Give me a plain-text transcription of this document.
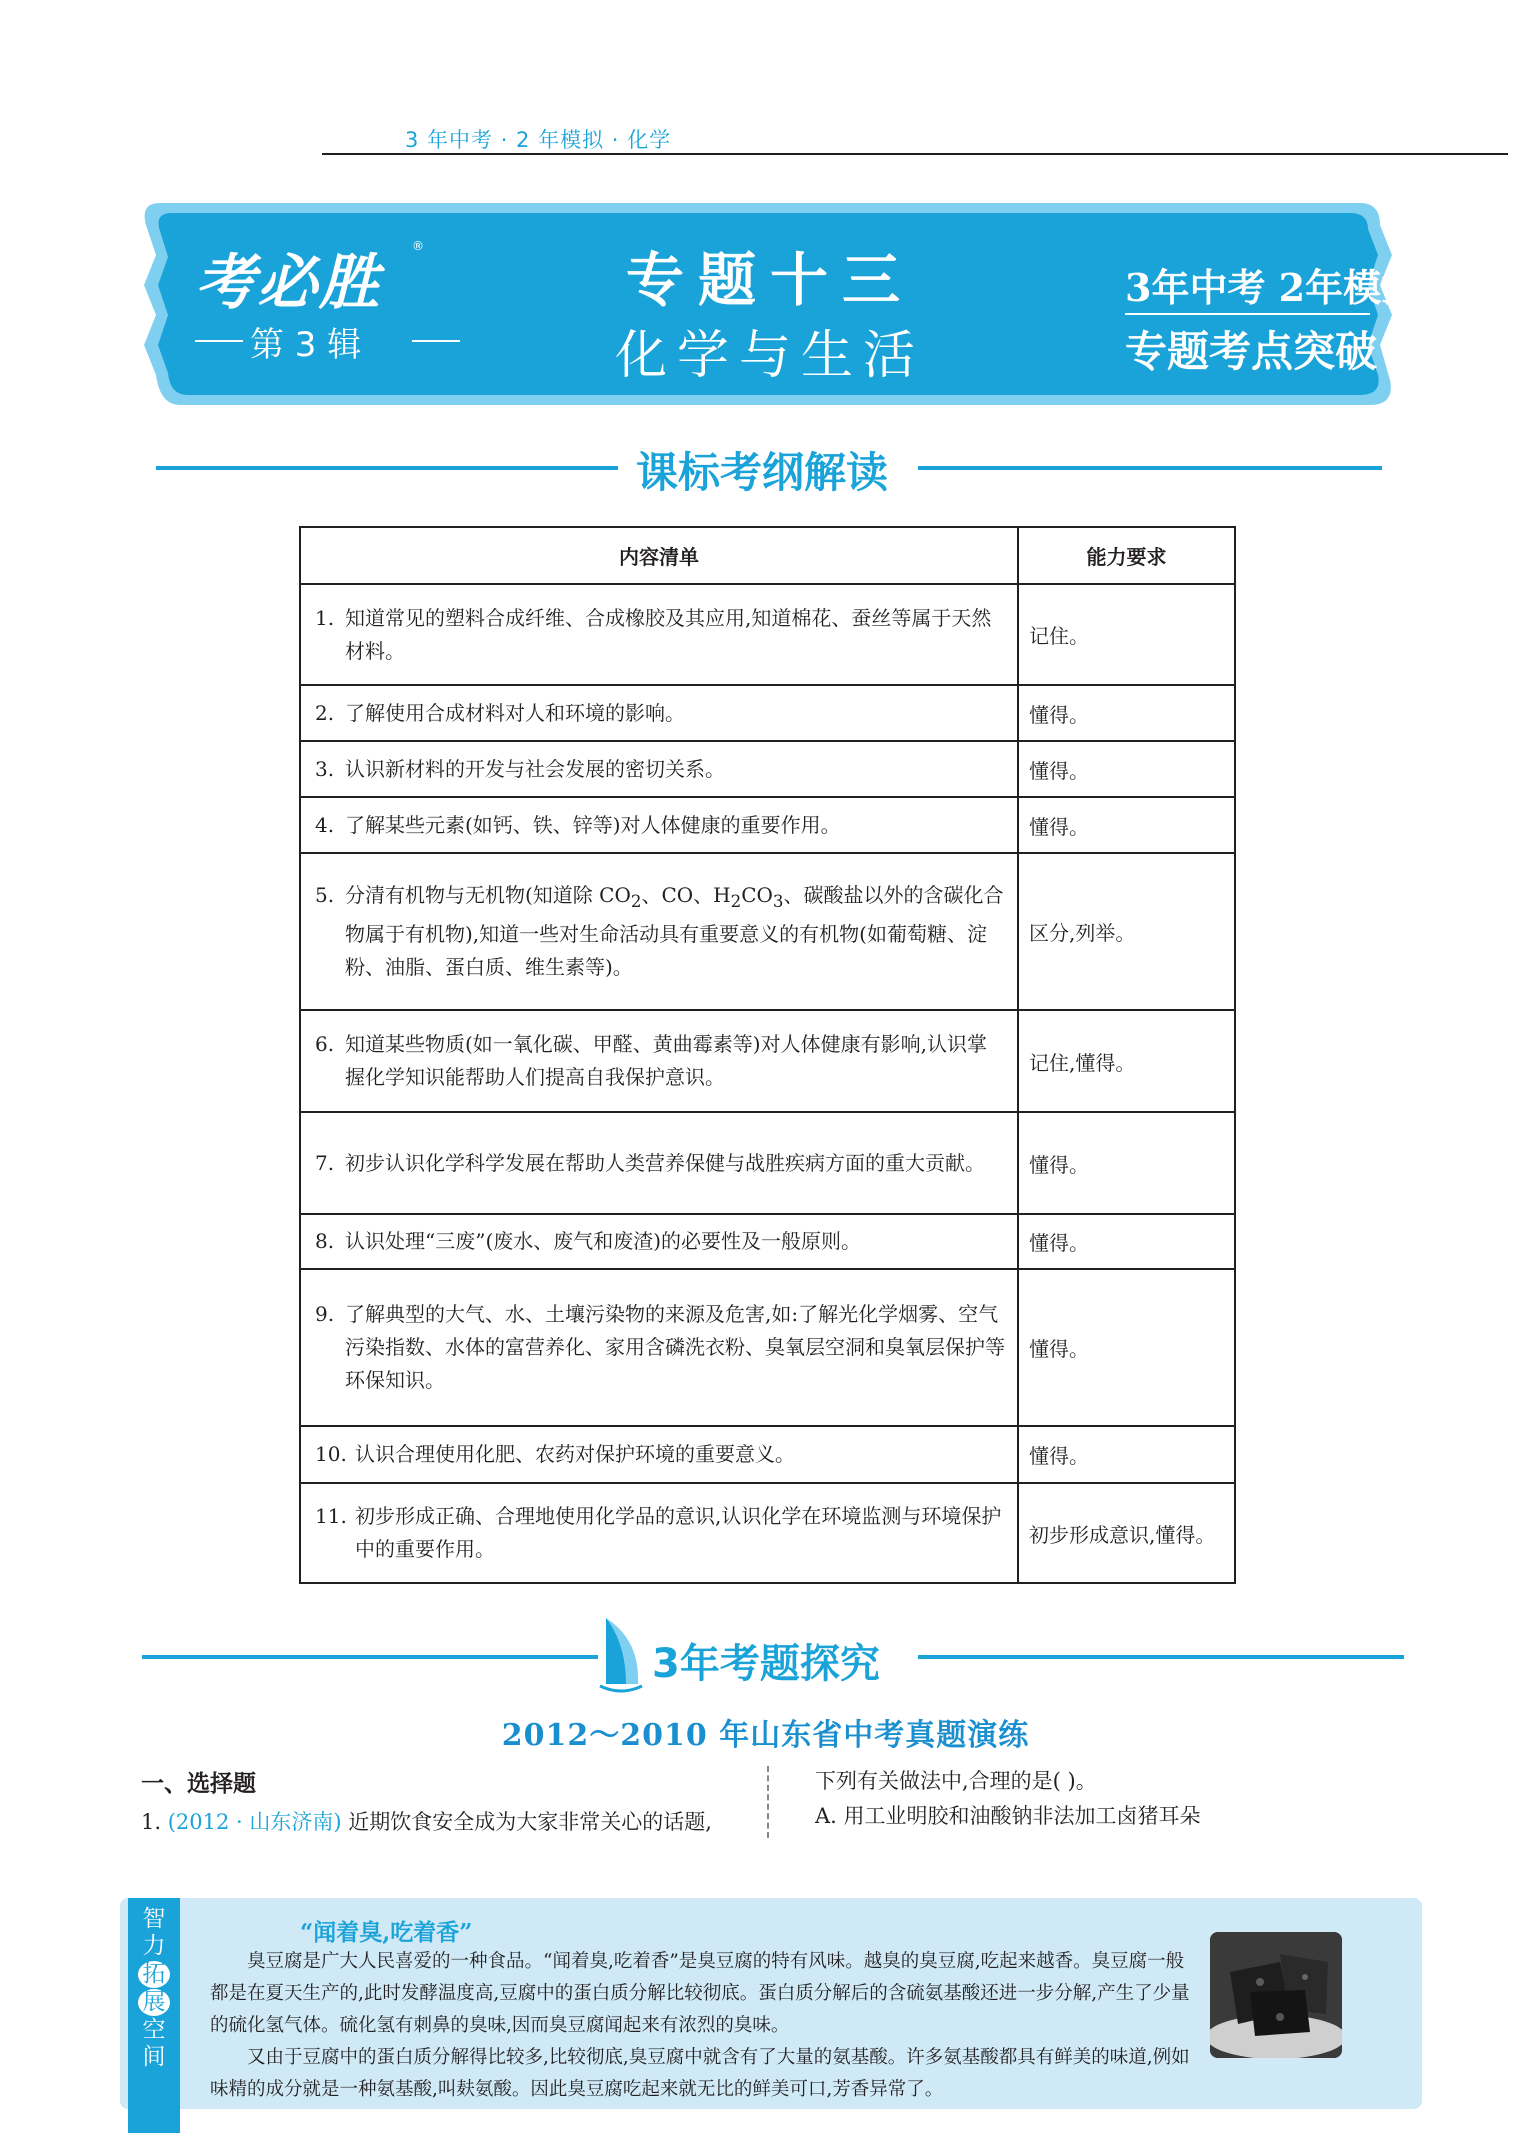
3 年中考 · 2 年模拟 · 化学
考必胜
®
第 3 辑
专题十三
化学与生活
3年中考 2年模拟
专题考点突破
课标考纲解读
内容清单	能力要求

1. 知道常见的塑料合成纤维、合成橡胶及其应用,知道棉花、蚕丝等属于天然材料。	记住。

2. 了解使用合成材料对人和环境的影响。	懂得。

3. 认识新材料的开发与社会发展的密切关系。	懂得。

4. 了解某些元素(如钙、铁、锌等)对人体健康的重要作用。	懂得。

5. 分清有机物与无机物(知道除 $CO_2$、CO、$H_2CO_3$、碳酸盐以外的含碳化合物属于有机物),知道一些对生命活动具有重要意义的有机物(如葡萄糖、淀粉、油脂、蛋白质、维生素等)。	区分,列举。

6. 知道某些物质(如一氧化碳、甲醛、黄曲霉素等)对人体健康有影响,认识掌握化学知识能帮助人们提高自我保护意识。	记住,懂得。

7. 初步认识化学科学发展在帮助人类营养保健与战胜疾病方面的重大贡献。	懂得。

8. 认识处理“三废”(废水、废气和废渣)的必要性及一般原则。	懂得。

9. 了解典型的大气、水、土壤污染物的来源及危害,如:了解光化学烟雾、空气污染指数、水体的富营养化、家用含磷洗衣粉、臭氧层空洞和臭氧层保护等环保知识。	懂得。

10. 认识合理使用化肥、农药对保护环境的重要意义。	懂得。

11. 初步形成正确、合理地使用化学品的意识,认识化学在环境监测与环境保护中的重要作用。	初步形成意识,懂得。
3年考题探究
2012～2010 年山东省中考真题演练
一、选择题
1. (2012 · 山东济南) 近期饮食安全成为大家非常关心的话题,
下列有关做法中,合理的是( )。
A. 用工业明胶和油酸钠非法加工卤猪耳朵
智
力
拓
展
空
间
“闻着臭,吃着香”
臭豆腐是广大人民喜爱的一种食品。“闻着臭,吃着香”是臭豆腐的特有风味。越臭的臭豆腐,吃起来越香。臭豆腐一般都是在夏天生产的,此时发酵温度高,豆腐中的蛋白质分解比较彻底。蛋白质分解后的含硫氨基酸还进一步分解,产生了少量的硫化氢气体。硫化氢有刺鼻的臭味,因而臭豆腐闻起来有浓烈的臭味。
又由于豆腐中的蛋白质分解得比较多,比较彻底,臭豆腐中就含有了大量的氨基酸。许多氨基酸都具有鲜美的味道,例如味精的成分就是一种氨基酸,叫麸氨酸。因此臭豆腐吃起来就无比的鲜美可口,芳香异常了。
